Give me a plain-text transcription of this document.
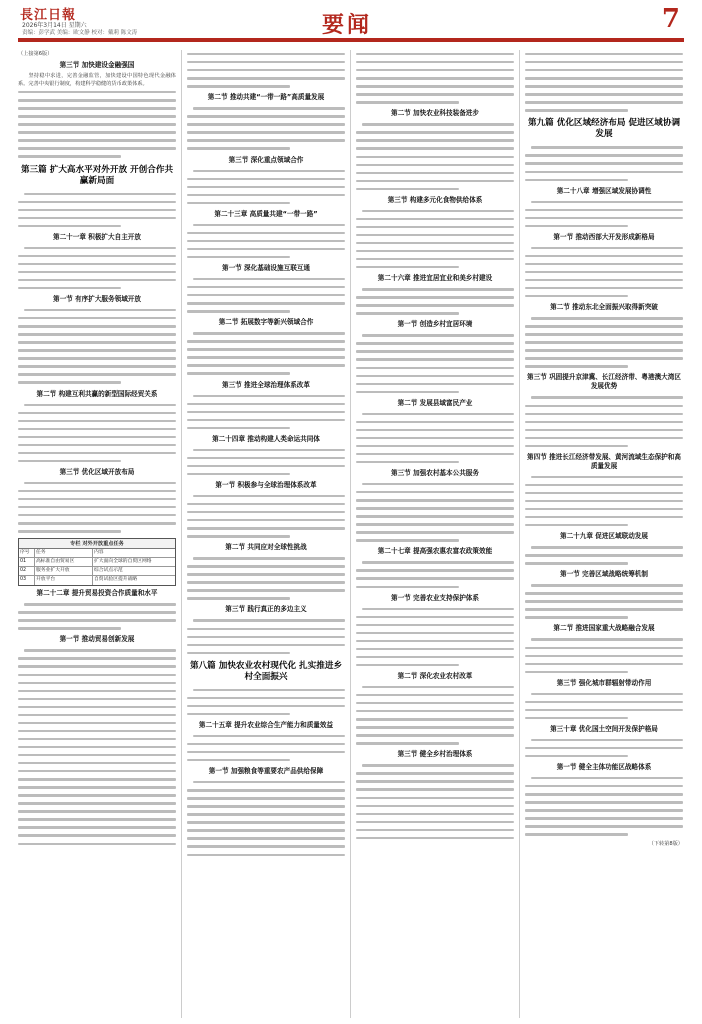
長江日報
2026年3月14日 星期六
责编：彭学武 美编：欧文静 校对：戴莉 陈文涛	要闻	7
（上接第6版）
第三节 加快建设金融强国
坚持稳中求进，完善金融监管，加快建设中国特色现代金融体系。完善中央银行制度，构建科学稳健的货币政策体系。
第三篇 扩大高水平对外开放 开创合作共赢新局面
第二十一章 积极扩大自主开放
第一节 有序扩大服务领域开放
第二节 构建互利共赢的新型国际经贸关系
第三节 优化区域开放布局
专栏 对外开放重点任务
序号	任务	内容
01	高标准自由贸易区	扩大面向全球的自贸区网络
02	服务业扩大开放	综合试点示范
03	开放平台	自贸试验区提升战略
第二十二章 提升贸易投资合作质量和水平
第一节 推动贸易创新发展
第二节 推动共建“一带一路”高质量发展
第三节 深化重点领域合作
第二十三章 高质量共建“一带一路”
第一节 深化基础设施互联互通
第二节 拓展数字等新兴领域合作
第三节 推进全球治理体系改革
第二十四章 推动构建人类命运共同体
第一节 积极参与全球治理体系改革
第二节 共同应对全球性挑战
第三节 践行真正的多边主义
第八篇 加快农业农村现代化 扎实推进乡村全面振兴
第二十五章 提升农业综合生产能力和质量效益
第一节 加强粮食等重要农产品供给保障
第二节 加快农业科技装备进步
第三节 构建多元化食物供给体系
第二十六章 推进宜居宜业和美乡村建设
第一节 创造乡村宜居环境
第二节 发展县域富民产业
第三节 加强农村基本公共服务
第二十七章 提高强农惠农富农政策效能
第一节 完善农业支持保护体系
第二节 深化农业农村改革
第三节 健全乡村治理体系
第九篇 优化区域经济布局 促进区域协调发展
第二十八章 增强区域发展协调性
第一节 推动西部大开发形成新格局
第二节 推动东北全面振兴取得新突破
第三节 巩固提升京津冀、长江经济带、粤港澳大湾区发展优势
第四节 推进长江经济带发展、黄河流域生态保护和高质量发展
第二十九章 促进区域联动发展
第一节 完善区域战略统筹机制
第二节 推进国家重大战略融合发展
第三节 强化城市群辐射带动作用
第三十章 优化国土空间开发保护格局
第一节 健全主体功能区战略体系
（下转第8版）
